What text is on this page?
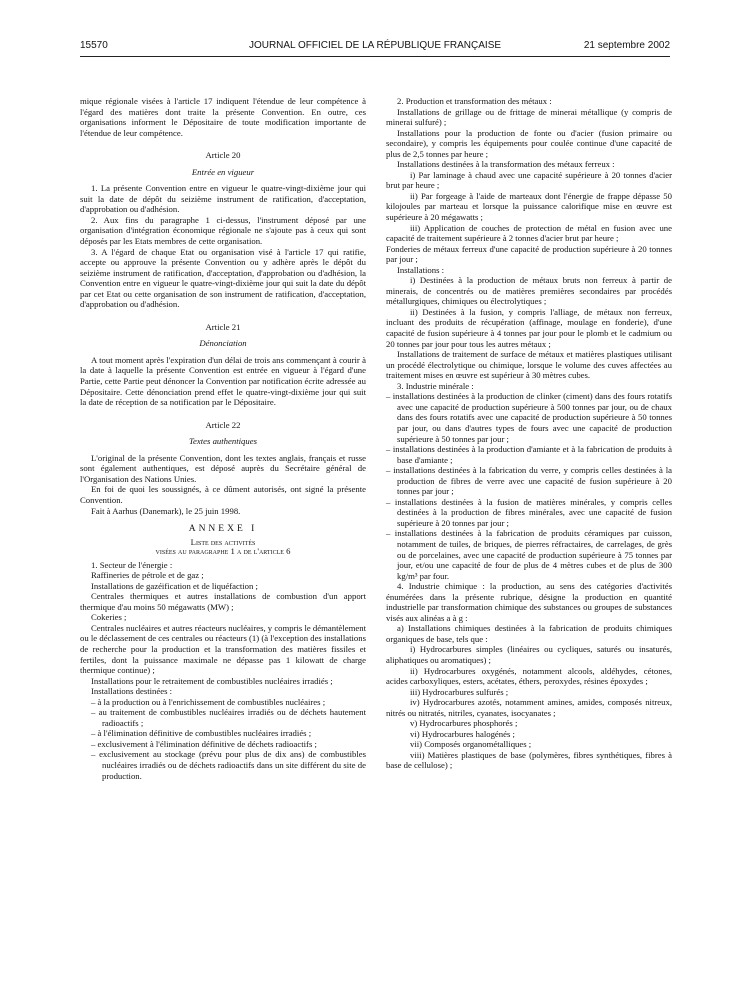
15570	JOURNAL OFFICIEL DE LA RÉPUBLIQUE FRANÇAISE	21 septembre 2002

mique régionale visées à l'article 17 indiquent l'étendue de leur compétence à l'égard des matières dont traite la présente Convention. En outre, ces organisations informent le Dépositaire de toute modification importante de l'étendue de leur compétence.

Article 20

Entrée en vigueur

1. La présente Convention entre en vigueur le quatre-vingt-dixième jour qui suit la date de dépôt du seizième instrument de ratification, d'acceptation, d'approbation ou d'adhésion.

2. Aux fins du paragraphe 1 ci-dessus, l'instrument déposé par une organisation d'intégration économique régionale ne s'ajoute pas à ceux qui sont déposés par les Etats membres de cette organisation.

3. A l'égard de chaque Etat ou organisation visé à l'article 17 qui ratifie, accepte ou approuve la présente Convention ou y adhère après le dépôt du seizième instrument de ratification, d'acceptation, d'approbation ou d'adhésion, la Convention entre en vigueur le quatre-vingt-dixième jour qui suit la date du dépôt par cet Etat ou cette organisation de son instrument de ratification, d'acceptation, d'approbation ou d'adhésion.

Article 21

Dénonciation

A tout moment après l'expiration d'un délai de trois ans commençant à courir à la date à laquelle la présente Convention est entrée en vigueur à l'égard d'une Partie, cette Partie peut dénoncer la Convention par notification écrite adressée au Dépositaire. Cette dénonciation prend effet le quatre-vingt-dixième jour qui suit la date de réception de sa notification par le Dépositaire.

Article 22

Textes authentiques

L'original de la présente Convention, dont les textes anglais, français et russe sont également authentiques, est déposé auprès du Secrétaire général de l'Organisation des Nations Unies.

En foi de quoi les soussignés, à ce dûment autorisés, ont signé la présente Convention.

Fait à Aarhus (Danemark), le 25 juin 1998.

ANNEXE I

Liste des activités

visées au paragraphe 1 a de l'article 6

1. Secteur de l'énergie :

Raffineries de pétrole et de gaz ;

Installations de gazéification et de liquéfaction ;

Centrales thermiques et autres installations de combustion d'un apport thermique d'au moins 50 mégawatts (MW) ;

Cokeries ;

Centrales nucléaires et autres réacteurs nucléaires, y compris le démantèlement ou le déclassement de ces centrales ou réacteurs (1) (à l'exception des installations de recherche pour la production et la transformation des matières fissiles et fertiles, dont la puissance maximale ne dépasse pas 1 kilowatt de charge thermique continue) ;

Installations pour le retraitement de combustibles nucléaires irradiés ;

Installations destinées :

– à la production ou à l'enrichissement de combustibles nucléaires ;

– au traitement de combustibles nucléaires irradiés ou de déchets hautement radioactifs ;

– à l'élimination définitive de combustibles nucléaires irradiés ;

– exclusivement à l'élimination définitive de déchets radioactifs ;

– exclusivement au stockage (prévu pour plus de dix ans) de combustibles nucléaires irradiés ou de déchets radioactifs dans un site différent du site de production.

2. Production et transformation des métaux :

Installations de grillage ou de frittage de minerai métallique (y compris de minerai sulfuré) ;

Installations pour la production de fonte ou d'acier (fusion primaire ou secondaire), y compris les équipements pour coulée continue d'une capacité de plus de 2,5 tonnes par heure ;

Installations destinées à la transformation des métaux ferreux :

i) Par laminage à chaud avec une capacité supérieure à 20 tonnes d'acier brut par heure ;

ii) Par forgeage à l'aide de marteaux dont l'énergie de frappe dépasse 50 kilojoules par marteau et lorsque la puissance calorifique mise en œuvre est supérieure à 20 mégawatts ;

iii) Application de couches de protection de métal en fusion avec une capacité de traitement supérieure à 2 tonnes d'acier brut par heure ;

Fonderies de métaux ferreux d'une capacité de production supérieure à 20 tonnes par jour ;

Installations :

i) Destinées à la production de métaux bruts non ferreux à partir de minerais, de concentrés ou de matières premières secondaires par procédés métallurgiques, chimiques ou électrolytiques ;

ii) Destinées à la fusion, y compris l'alliage, de métaux non ferreux, incluant des produits de récupération (affinage, moulage en fonderie), d'une capacité de fusion supérieure à 4 tonnes par jour pour le plomb et le cadmium ou 20 tonnes par jour pour tous les autres métaux ;

Installations de traitement de surface de métaux et matières plastiques utilisant un procédé électrolytique ou chimique, lorsque le volume des cuves affectées au traitement mises en œuvre est supérieur à 30 mètres cubes.

3. Industrie minérale :

– installations destinées à la production de clinker (ciment) dans des fours rotatifs avec une capacité de production supérieure à 500 tonnes par jour, ou de chaux dans des fours rotatifs avec une capacité de production supérieure à 50 tonnes par jour, ou dans d'autres types de fours avec une capacité de production supérieure à 50 tonnes par jour ;

– installations destinées à la production d'amiante et à la fabrication de produits à base d'amiante ;

– installations destinées à la fabrication du verre, y compris celles destinées à la production de fibres de verre avec une capacité de fusion supérieure à 20 tonnes par jour ;

– installations destinées à la fusion de matières minérales, y compris celles destinées à la production de fibres minérales, avec une capacité de fusion supérieure à 20 tonnes par jour ;

– installations destinées à la fabrication de produits céramiques par cuisson, notamment de tuiles, de briques, de pierres réfractaires, de carrelages, de grès ou de porcelaines, avec une capacité de production supérieure à 75 tonnes par jour, et/ou une capacité de four de plus de 4 mètres cubes et de plus de 300 kg/m³ par four.

4. Industrie chimique : la production, au sens des catégories d'activités énumérées dans la présente rubrique, désigne la production en quantité industrielle par transformation chimique des substances ou groupes de substances visés aux alinéas a à g :

a) Installations chimiques destinées à la fabrication de produits chimiques organiques de base, tels que :

i) Hydrocarbures simples (linéaires ou cycliques, saturés ou insaturés, aliphatiques ou aromatiques) ;

ii) Hydrocarbures oxygénés, notamment alcools, aldéhydes, cétones, acides carboxyliques, esters, acétates, éthers, peroxydes, résines époxydes ;

iii) Hydrocarbures sulfurés ;

iv) Hydrocarbures azotés, notamment amines, amides, composés nitreux, nitrés ou nitratés, nitriles, cyanates, isocyanates ;

v) Hydrocarbures phosphorés ;

vi) Hydrocarbures halogénés ;

vii) Composés organométalliques ;

viii) Matières plastiques de base (polymères, fibres synthétiques, fibres à base de cellulose) ;
